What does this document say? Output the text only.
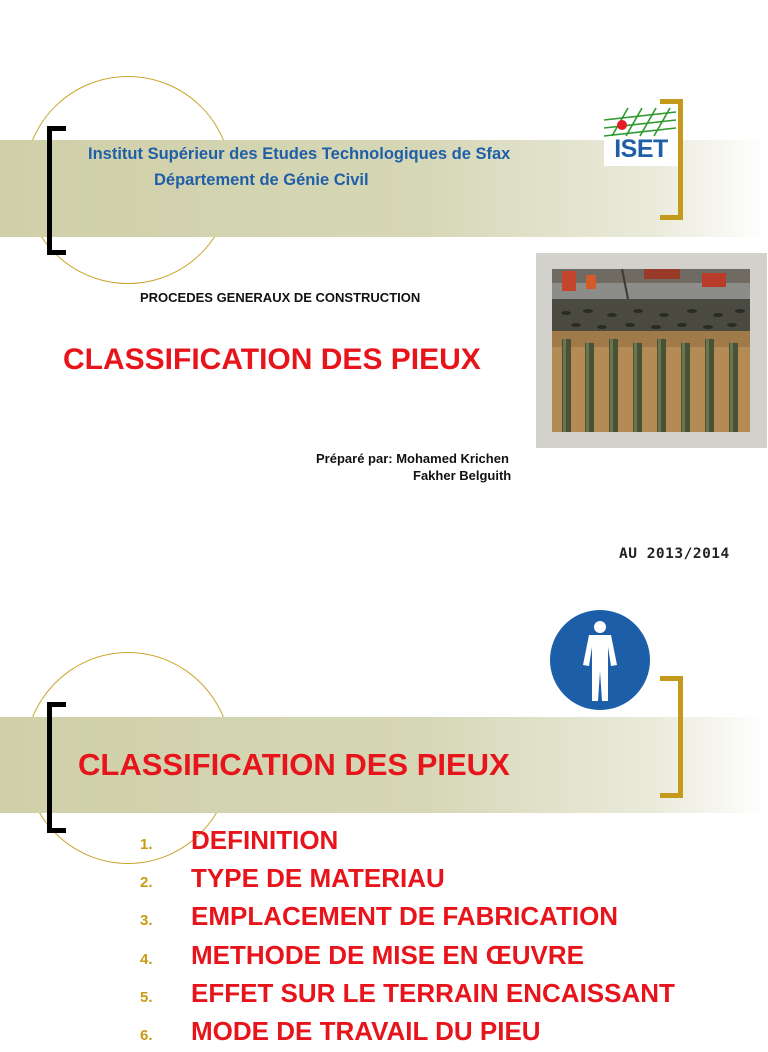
Institut Supérieur des Etudes Technologiques de Sfax
Département de Génie Civil
ISET
PROCEDES GENERAUX DE CONSTRUCTION
CLASSIFICATION DES PIEUX
Préparé par: Mohamed Krichen
Fakher Belguith
AU 2013/2014
CLASSIFICATION DES PIEUX
1. DEFINITION
2. TYPE DE MATERIAU
3. EMPLACEMENT DE FABRICATION
4. METHODE DE MISE EN ŒUVRE
5. EFFET SUR LE TERRAIN ENCAISSANT
6. MODE DE TRAVAIL DU PIEU
